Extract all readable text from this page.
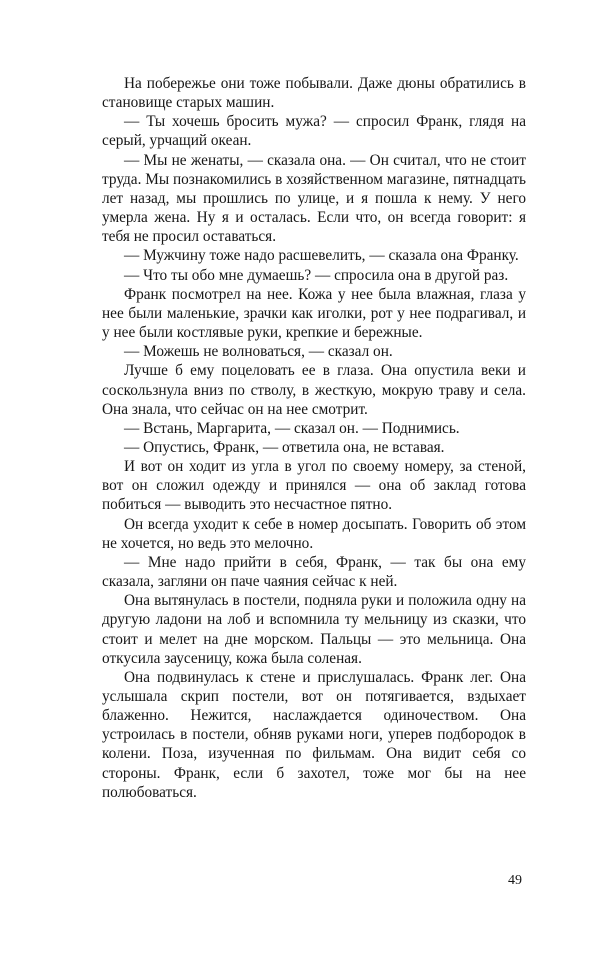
На побережье они тоже побывали. Даже дюны обратились в становище старых машин.

— Ты хочешь бросить мужа? — спросил Франк, глядя на серый, урчащий океан.

— Мы не женаты, — сказала она. — Он считал, что не стоит труда. Мы познакомились в хозяйственном магазине, пятнадцать лет назад, мы прошлись по улице, и я пошла к нему. У него умерла жена. Ну я и осталась. Если что, он всегда говорит: я тебя не просил оставаться.

— Мужчину тоже надо расшевелить, — сказала она Франку.

— Что ты обо мне думаешь? — спросила она в другой раз.

Франк посмотрел на нее. Кожа у нее была влажная, глаза у нее были маленькие, зрачки как иголки, рот у нее подрагивал, и у нее были костлявые руки, крепкие и бережные.

— Можешь не волноваться, — сказал он.

Лучше б ему поцеловать ее в глаза. Она опустила веки и соскользнула вниз по стволу, в жесткую, мокрую траву и села. Она знала, что сейчас он на нее смотрит.

— Встань, Маргарита, — сказал он. — Поднимись.

— Опустись, Франк, — ответила она, не вставая.

И вот он ходит из угла в угол по своему номеру, за стеной, вот он сложил одежду и принялся — она об заклад готова побиться — выводить это несчастное пятно.

Он всегда уходит к себе в номер досыпать. Говорить об этом не хочется, но ведь это мелочно.

— Мне надо прийти в себя, Франк, — так бы она ему сказала, загляни он паче чаяния сейчас к ней.

Она вытянулась в постели, подняла руки и положила одну на другую ладони на лоб и вспомнила ту мельницу из сказки, что стоит и мелет на дне морском. Пальцы — это мельница. Она откусила заусеницу, кожа была соленая.

Она подвинулась к стене и прислушалась. Франк лег. Она услышала скрип постели, вот он потягивается, вздыхает блаженно. Нежится, наслаждается одиночеством. Она устроилась в постели, обняв руками ноги, уперев подбородок в колени. Поза, изученная по фильмам. Она видит себя со стороны. Франк, если б захотел, тоже мог бы на нее полюбоваться.

49
